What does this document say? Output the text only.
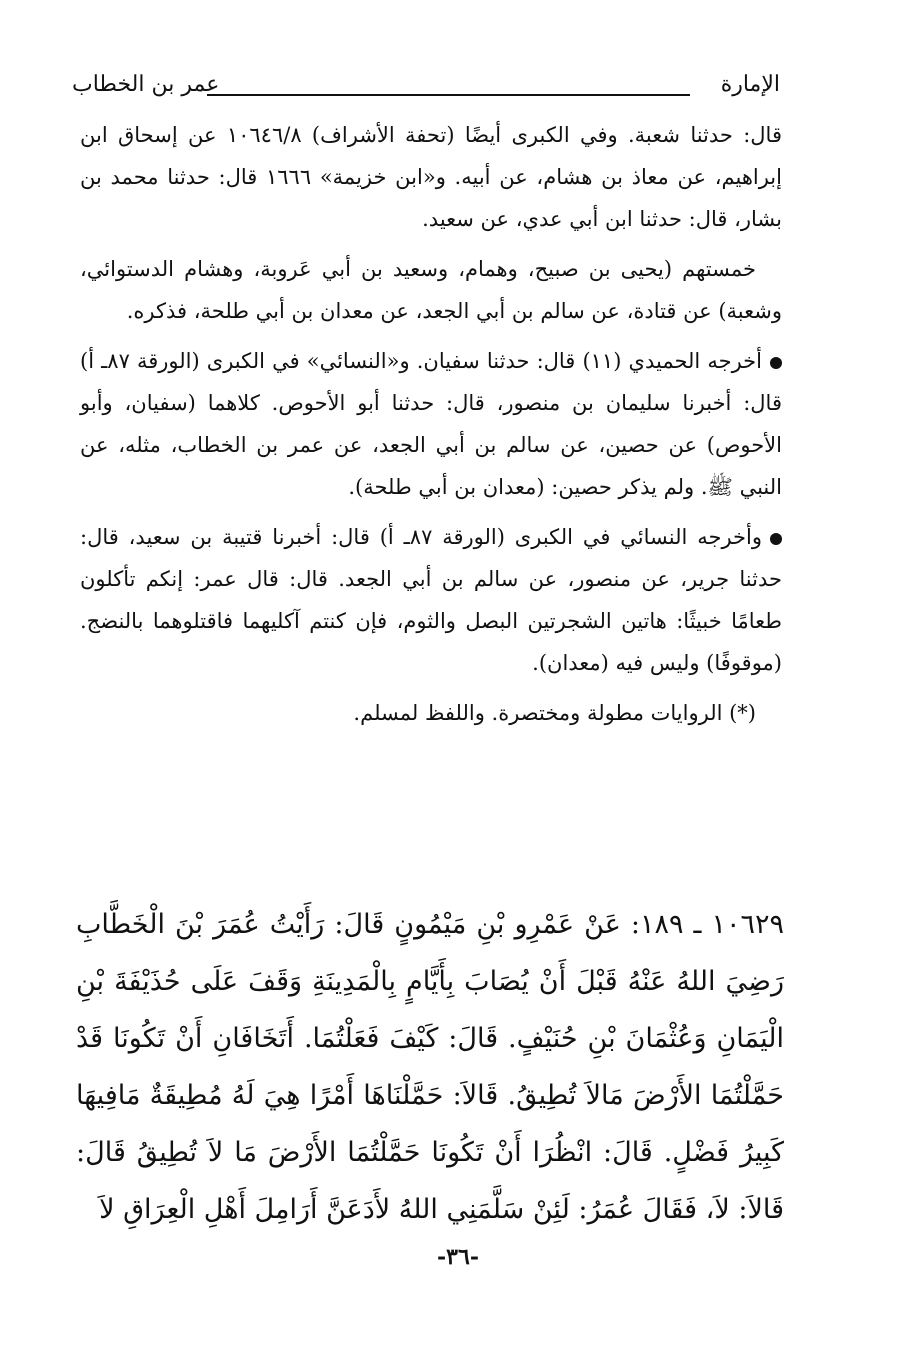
الإمارة
عمر بن الخطاب

قال: حدثنا شعبة. وفي الكبرى أيضًا (تحفة الأشراف) ١٠٦٤٦/٨ عن إسحاق ابن إبراهيم، عن معاذ بن هشام، عن أبيه. و«ابن خزيمة» ١٦٦٦ قال: حدثنا محمد بن بشار، قال: حدثنا ابن أبي عدي، عن سعيد.

خمستهم (يحيى بن صبيح، وهمام، وسعيد بن أبي عَروبة، وهشام الدستوائي، وشعبة) عن قتادة، عن سالم بن أبي الجعد، عن معدان بن أبي طلحة، فذكره.

أخرجه الحميدي (١١) قال: حدثنا سفيان. و«النسائي» في الكبرى (الورقة ٨٧ـ أ) قال: أخبرنا سليمان بن منصور، قال: حدثنا أبو الأحوص. كلاهما (سفيان، وأبو الأحوص) عن حصين، عن سالم بن أبي الجعد، عن عمر بن الخطاب، مثله، عن النبي ﷺ. ولم يذكر حصين: (معدان بن أبي طلحة).

وأخرجه النسائي في الكبرى (الورقة ٨٧ـ أ) قال: أخبرنا قتيبة بن سعيد، قال: حدثنا جرير، عن منصور، عن سالم بن أبي الجعد. قال: قال عمر: إنكم تأكلون طعامًا خبيثًا: هاتين الشجرتين البصل والثوم، فإن كنتم آكليهما فاقتلوهما بالنضج. (موقوفًا) وليس فيه (معدان).

(*) الروايات مطولة ومختصرة. واللفظ لمسلم.

١٠٦٢٩ ـ ١٨٩: عَنْ عَمْرِو بْنِ مَيْمُونٍ قَالَ: رَأَيْتُ عُمَرَ بْنَ الْخَطَّابِ رَضِيَ اللهُ عَنْهُ قَبْلَ أَنْ يُصَابَ بِأَيَّامٍ بِالْمَدِينَةِ وَقَفَ عَلَى حُذَيْفَةَ بْنِ الْيَمَانِ وَعُثْمَانَ بْنِ حُنَيْفٍ. قَالَ: كَيْفَ فَعَلْتُمَا. أَتَخَافَانِ أَنْ تَكُونَا قَدْ حَمَّلْتُمَا الأَرْضَ مَالاَ تُطِيقُ. قَالاَ: حَمَّلْنَاهَا أَمْرًا هِيَ لَهُ مُطِيقَةٌ مَافِيهَا كَبِيرُ فَضْلٍ. قَالَ: انْظُرَا أَنْ تَكُونَا حَمَّلْتُمَا الأَرْضَ مَا لاَ تُطِيقُ قَالَ: قَالاَ: لاَ، فَقَالَ عُمَرُ: لَئِنْ سَلَّمَنِي اللهُ لأَدَعَنَّ أَرَامِلَ أَهْلِ الْعِرَاقِ لاَ
-٣٦-
